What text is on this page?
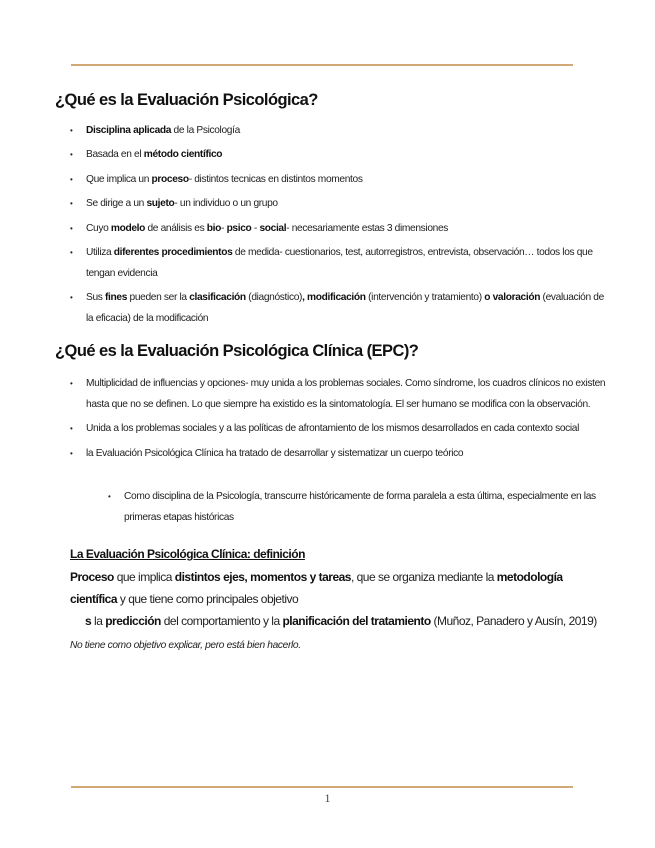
¿Qué es la Evaluación Psicológica?
• Disciplina aplicada de la Psicología
• Basada en el método científico
• Que implica un proceso- distintos tecnicas en distintos momentos
• Se dirige a un sujeto- un individuo o un grupo
• Cuyo modelo de análisis es bio- psico - social- necesariamente estas 3 dimensiones
• Utiliza diferentes procedimientos de medida- cuestionarios, test, autorregistros, entrevista, observación… todos los que tengan evidencia
• Sus fines pueden ser la clasificación (diagnóstico), modificación (intervención y tratamiento) o valoración (evaluación de la eficacia) de la modificación
¿Qué es la Evaluación Psicológica Clínica (EPC)?
• Multiplicidad de influencias y opciones- muy unida a los problemas sociales. Como síndrome, los cuadros clínicos no existen hasta que no se definen. Lo que siempre ha existido es la sintomatología. El ser humano se modifica con la observación.
• Unida a los problemas sociales y a las políticas de afrontamiento de los mismos desarrollados en cada contexto social
• la Evaluación Psicológica Clínica ha tratado de desarrollar y sistematizar un cuerpo teórico
• Como disciplina de la Psicología, transcurre históricamente de forma paralela a esta última, especialmente en las primeras etapas históricas
La Evaluación Psicológica Clínica: definición
Proceso que implica distintos ejes, momentos y tareas, que se organiza mediante la metodología científica y que tiene como principales objetivo
s la predicción del comportamiento y la planificación del tratamiento (Muñoz, Panadero y Ausín, 2019)
No tiene como objetivo explicar, pero está bien hacerlo.
1
